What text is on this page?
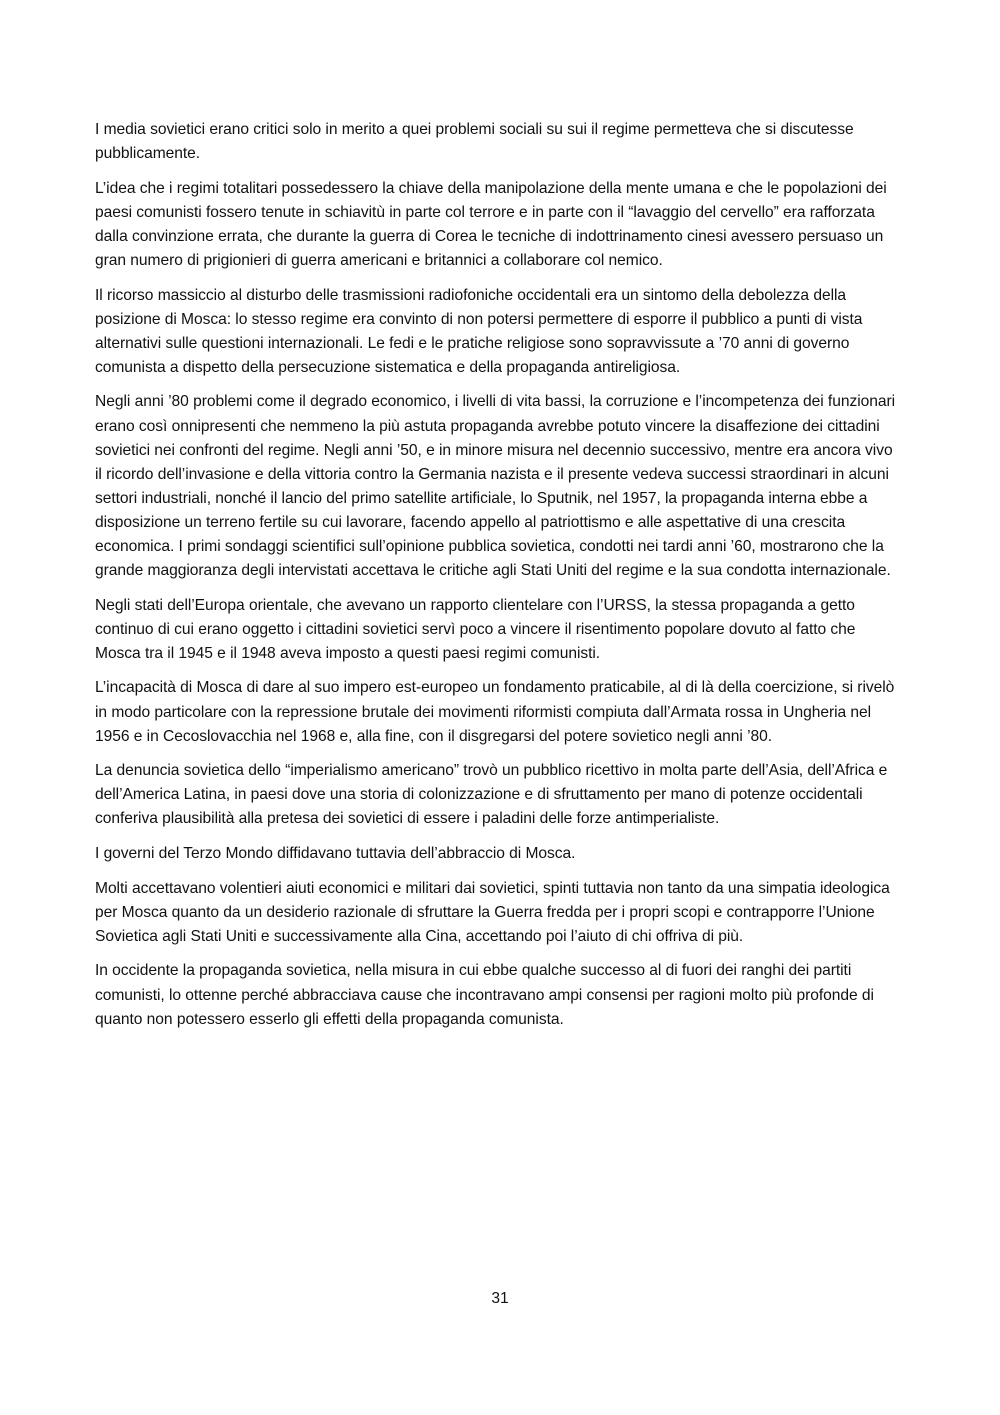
I media sovietici erano critici solo in merito a quei problemi sociali su sui il regime permetteva che si discutesse pubblicamente.

L’idea che i regimi totalitari possedessero la chiave della manipolazione della mente umana e che le popolazioni dei paesi comunisti fossero tenute in schiavitù in parte col terrore e in parte con il “lavaggio del cervello” era rafforzata dalla convinzione errata, che durante la guerra di Corea le tecniche di indottrinamento cinesi avessero persuaso un gran numero di prigionieri di guerra americani e britannici a collaborare col nemico.

Il ricorso massiccio al disturbo delle trasmissioni radiofoniche occidentali era un sintomo della debolezza della posizione di Mosca: lo stesso regime era convinto di non potersi permettere di esporre il pubblico a punti di vista alternativi sulle questioni internazionali. Le fedi e le pratiche religiose sono sopravvissute a ’70 anni di governo comunista a dispetto della persecuzione sistematica e della propaganda antireligiosa.

Negli anni ’80 problemi come il degrado economico, i livelli di vita bassi, la corruzione e l’incompetenza dei funzionari erano così onnipresenti che nemmeno la più astuta propaganda avrebbe potuto vincere la disaffezione dei cittadini sovietici nei confronti del regime. Negli anni ’50, e in minore misura nel decennio successivo, mentre era ancora vivo il ricordo dell’invasione e della vittoria contro la Germania nazista e il presente vedeva successi straordinari in alcuni settori industriali, nonché il lancio del primo satellite artificiale, lo Sputnik, nel 1957, la propaganda interna ebbe a disposizione un terreno fertile su cui lavorare, facendo appello al patriottismo e alle aspettative di una crescita economica. I primi sondaggi scientifici sull’opinione pubblica sovietica, condotti nei tardi anni ’60, mostrarono che la grande maggioranza degli intervistati accettava le critiche agli Stati Uniti del regime e la sua condotta internazionale.

Negli stati dell’Europa orientale, che avevano un rapporto clientelare con l’URSS, la stessa propaganda a getto continuo di cui erano oggetto i cittadini sovietici servì poco a vincere il risentimento popolare dovuto al fatto che Mosca tra il 1945 e il 1948 aveva imposto a questi paesi regimi comunisti.

L’incapacità di Mosca di dare al suo impero est-europeo un fondamento praticabile, al di là della coercizione, si rivelò in modo particolare con la repressione brutale dei movimenti riformisti compiuta dall’Armata rossa in Ungheria nel 1956 e in Cecoslovacchia nel 1968 e, alla fine, con il disgregarsi del potere sovietico negli anni ’80.

La denuncia sovietica dello “imperialismo americano” trovò un pubblico ricettivo in molta parte dell’Asia, dell’Africa e dell’America Latina, in paesi dove una storia di colonizzazione e di sfruttamento per mano di potenze occidentali conferiva plausibilità alla pretesa dei sovietici di essere i paladini delle forze antimperialiste.

I governi del Terzo Mondo diffidavano tuttavia dell’abbraccio di Mosca.

Molti accettavano volentieri aiuti economici e militari dai sovietici, spinti tuttavia non tanto da una simpatia ideologica per Mosca quanto da un desiderio razionale di sfruttare la Guerra fredda per i propri scopi e contrapporre l’Unione Sovietica agli Stati Uniti e successivamente alla Cina, accettando poi l’aiuto di chi offriva di più.

In occidente la propaganda sovietica, nella misura in cui ebbe qualche successo al di fuori dei ranghi dei partiti comunisti, lo ottenne perché abbracciava cause che incontravano ampi consensi per ragioni molto più profonde di quanto non potessero esserlo gli effetti della propaganda comunista.

31
